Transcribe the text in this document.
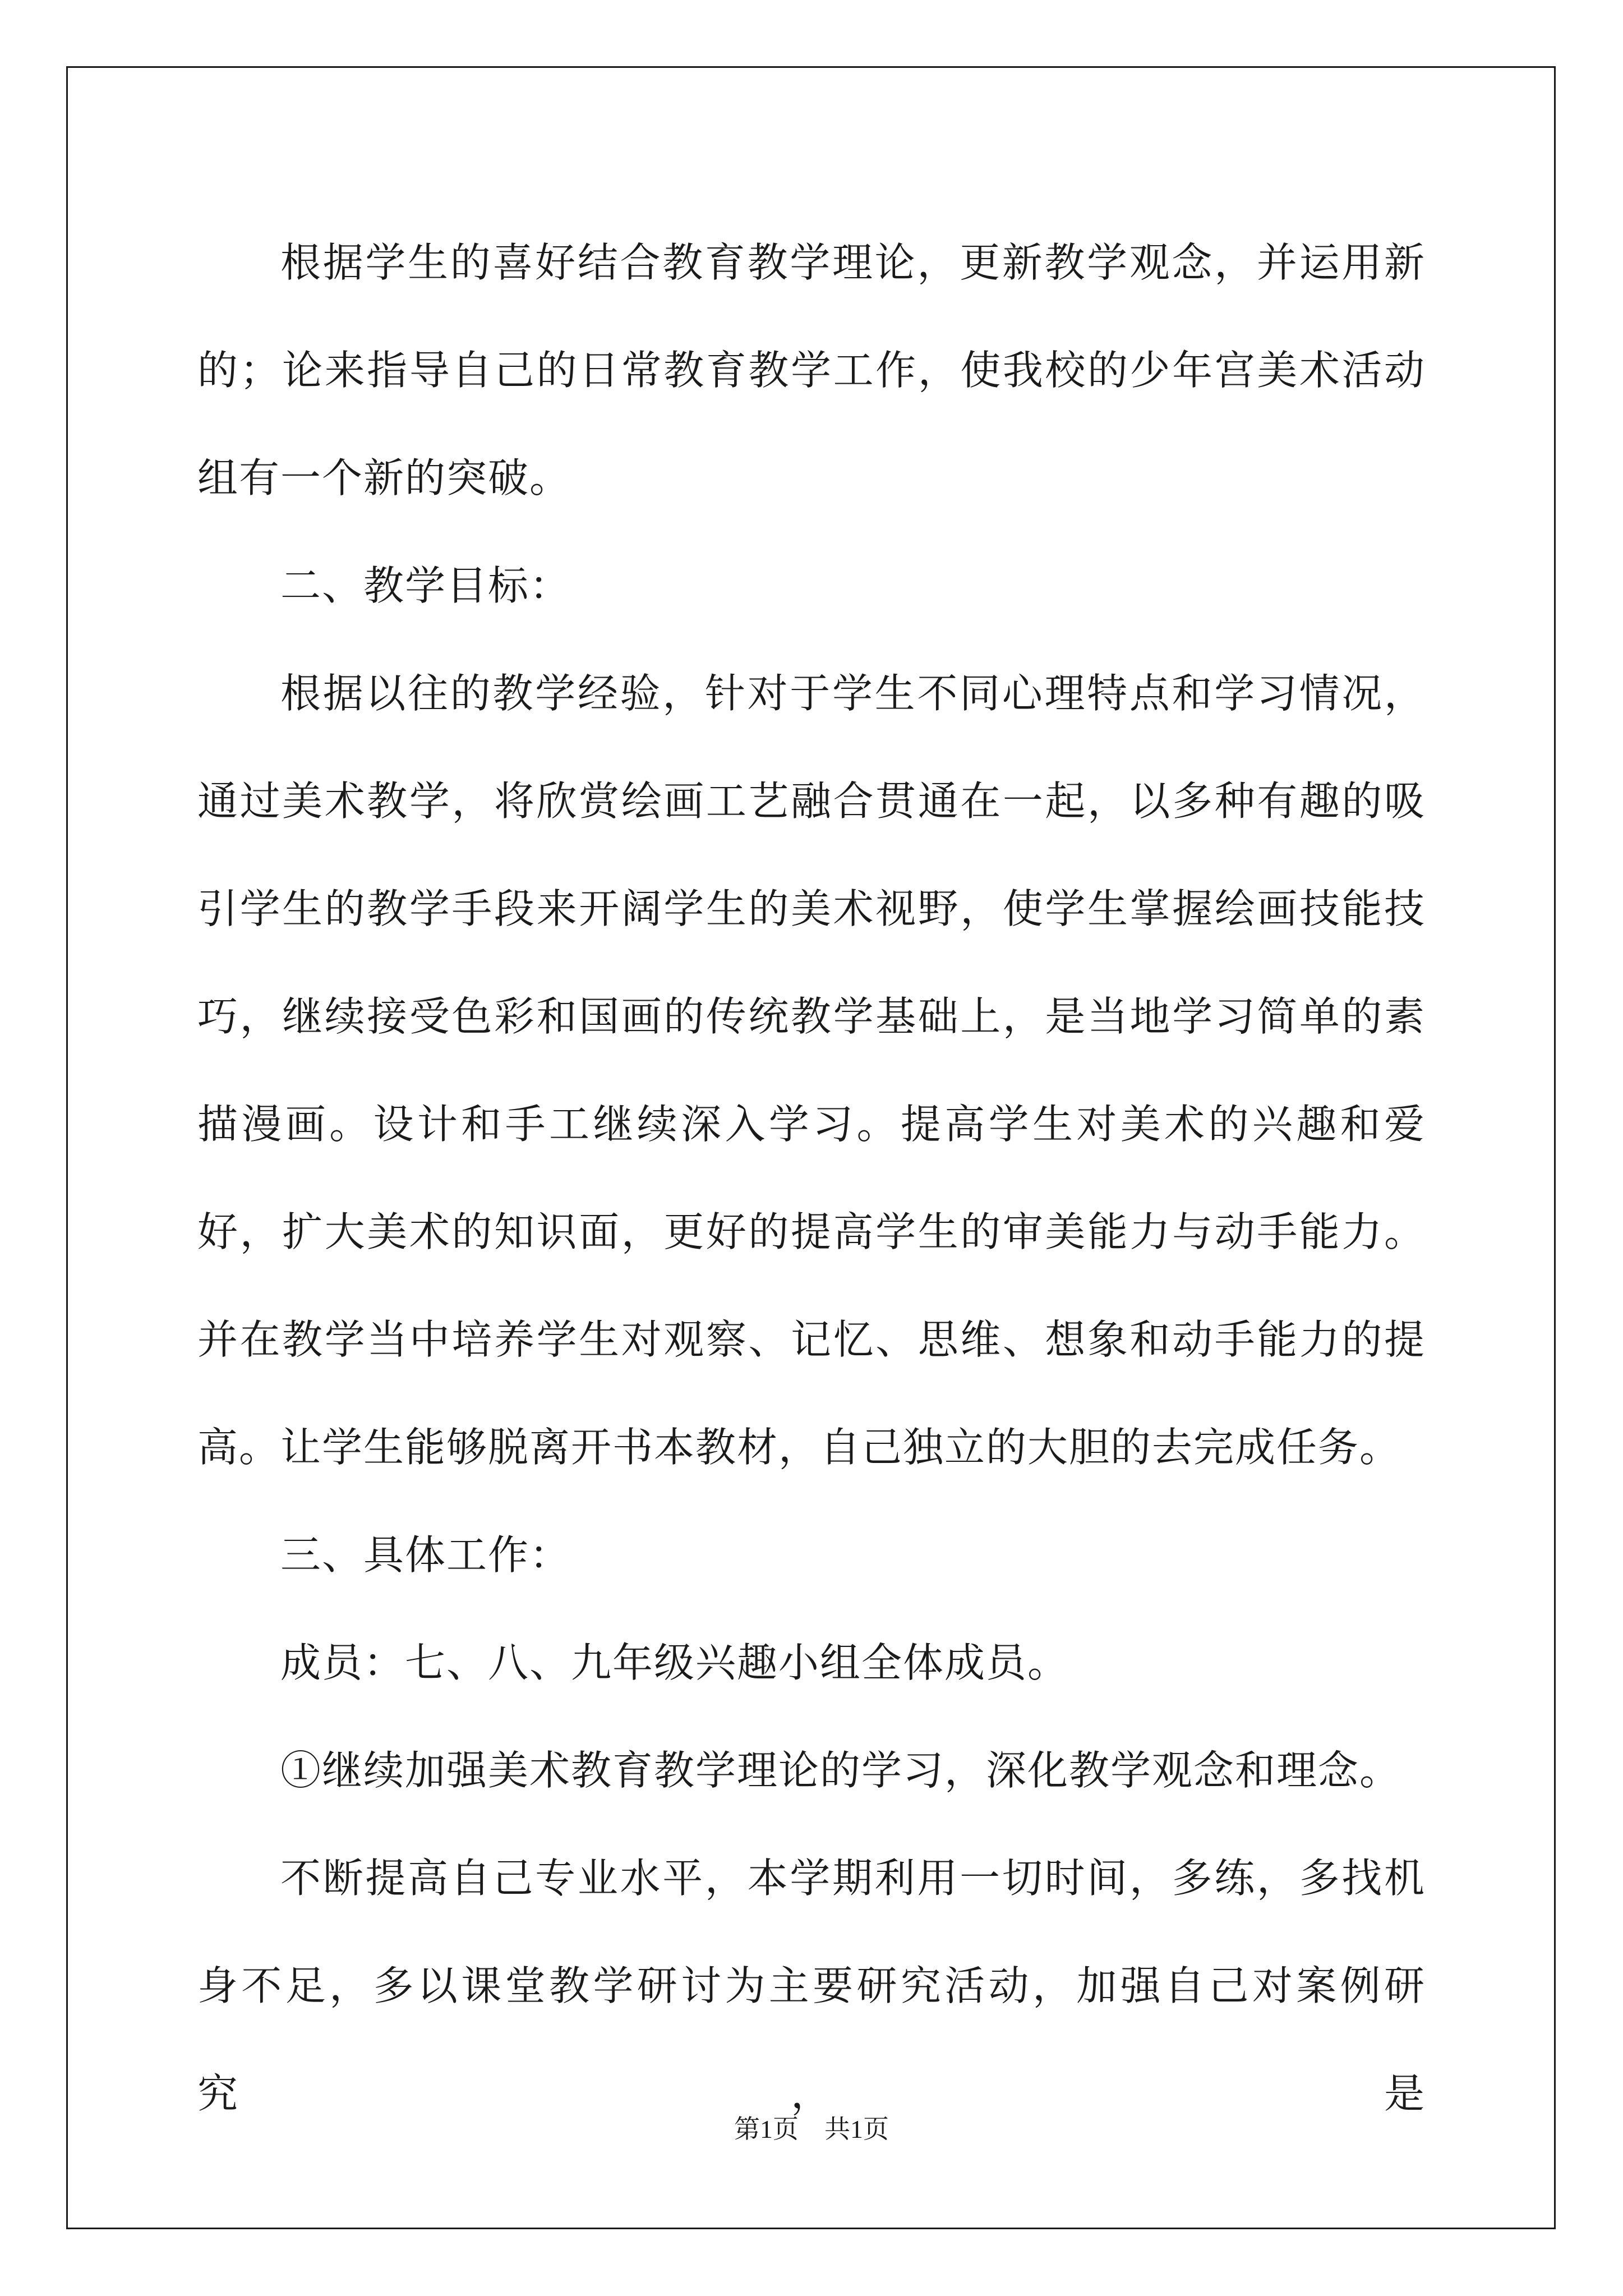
根据学生的喜好结合教育教学理论，更新教学观念，并运用新的；论来指导自己的日常教育教学工作，使我校的少年宫美术活动组有一个新的突破。

二、教学目标：

根据以往的教学经验，针对于学生不同心理特点和学习情况，通过美术教学，将欣赏绘画工艺融合贯通在一起，以多种有趣的吸引学生的教学手段来开阔学生的美术视野，使学生掌握绘画技能技巧，继续接受色彩和国画的传统教学基础上，是当地学习简单的素描漫画。设计和手工继续深入学习。提高学生对美术的兴趣和爱好，扩大美术的知识面，更好的提高学生的审美能力与动手能力。并在教学当中培养学生对观察、记忆、思维、想象和动手能力的提高。让学生能够脱离开书本教材，自己独立的大胆的去完成任务。

三、具体工作：

成员：七、八、九年级兴趣小组全体成员。

①继续加强美术教育教学理论的学习，深化教学观念和理念。

不断提高自己专业水平，本学期利用一切时间，多练，多找机身不足，多以课堂教学研讨为主要研究活动，加强自己对案例研究，是

第1页 共1页
